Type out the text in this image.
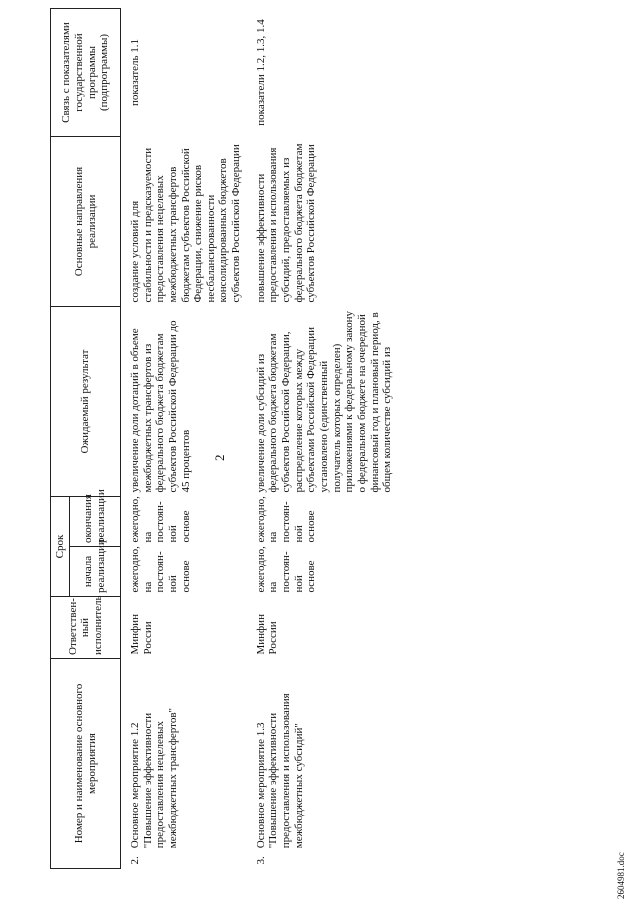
2
Номер и наименование основного мероприятия	Ответствен-ный исполнитель	Срок		Ожидаемый результат	Основные направления реализации	Связь с показателями государственной программы (подпрограммы)
		начала реализации	окончания реализации			

2.
Основное мероприятие 1.2 "Повышение эффективности предоставления нецелевых межбюджетных трансфертов"	Минфин России	ежегодно, на постоян-ной основе	ежегодно, на постоян-ной основе	увеличение доли дотаций в объеме межбюджетных трансфертов из федерального бюджета бюджетам субъектов Российской Федерации до 45 процентов	создание условий для стабильности и предсказуемости предоставления нецелевых межбюджетных трансфертов бюджетам субъектов Российской Федерации, снижение рисков несбалансированности консолидированных бюджетов субъектов Российской Федерации	показатель 1.1

3.
Основное мероприятие 1.3 "Повышение эффективности предоставления и использования межбюджетных субсидий"	Минфин России	ежегодно, на постоян-ной основе	ежегодно, на постоян-ной основе	увеличение доли субсидий из федерального бюджета бюджетам субъектов Российской Федерации, распределение которых между субъектами Российской Федерации установлено (единственный получатель которых определен) приложениями к федеральному закону о федеральном бюджете на очередной финансовый год и плановый период, в общем количестве субсидий из	повышение эффективности предоставления и использования субсидий, предоставляемых из федерального бюджета бюджетам субъектов Российской Федерации	показатели 1.2, 1.3, 1.4
2604981.doc
